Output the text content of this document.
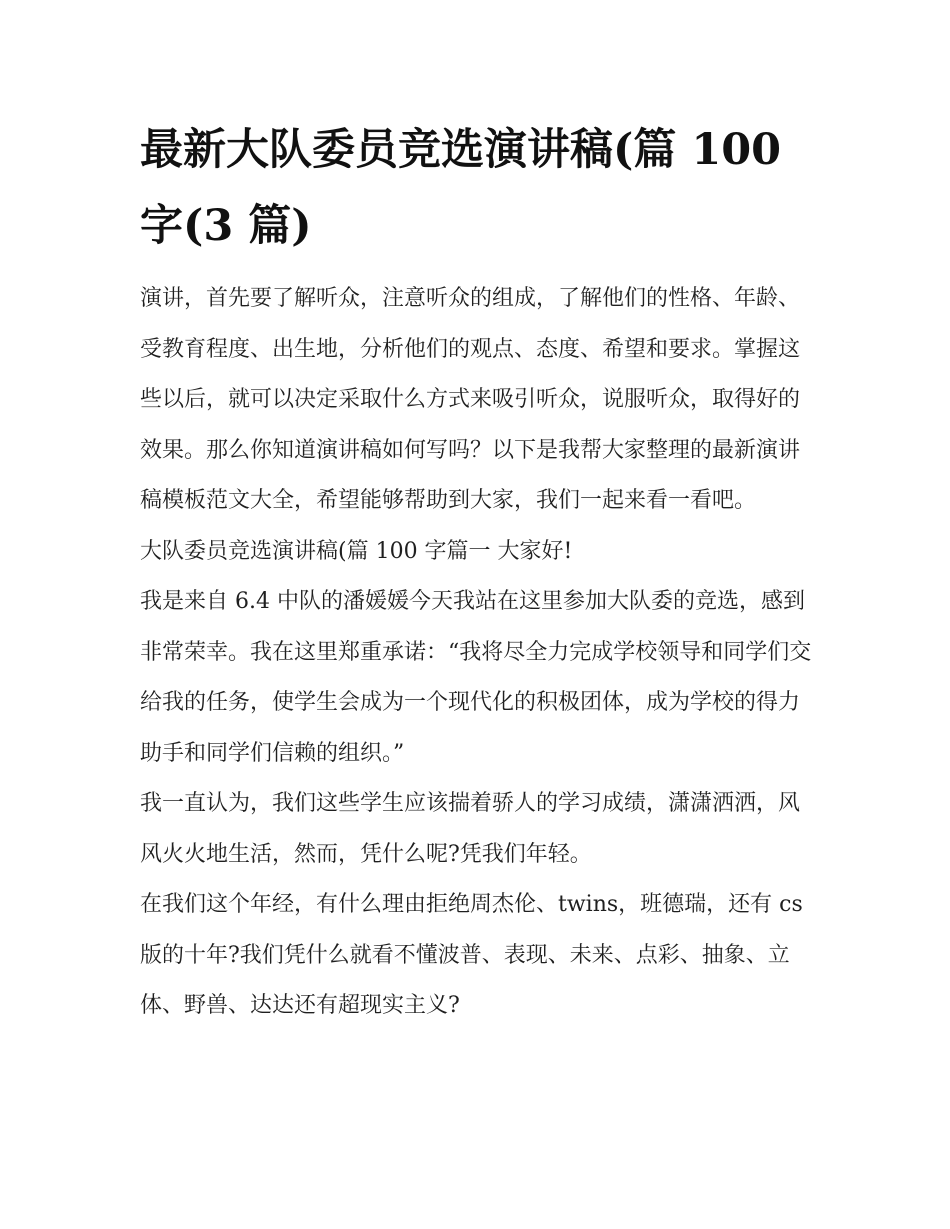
最新大队委员竞选演讲稿(篇 100 字(3 篇)

演讲，首先要了解听众，注意听众的组成，了解他们的性格、年龄、受教育程度、出生地，分析他们的观点、态度、希望和要求。掌握这些以后，就可以决定采取什么方式来吸引听众，说服听众，取得好的效果。那么你知道演讲稿如何写吗？以下是我帮大家整理的最新演讲稿模板范文大全，希望能够帮助到大家，我们一起来看一看吧。

大队委员竞选演讲稿(篇 100 字篇一 大家好!

我是来自 6.4 中队的潘媛媛今天我站在这里参加大队委的竞选，感到非常荣幸。我在这里郑重承诺：“我将尽全力完成学校领导和同学们交给我的任务，使学生会成为一个现代化的积极团体，成为学校的得力助手和同学们信赖的组织。”

我一直认为，我们这些学生应该揣着骄人的学习成绩，潇潇洒洒，风风火火地生活，然而，凭什么呢?凭我们年轻。

在我们这个年经，有什么理由拒绝周杰伦、twins，班德瑞，还有 cs 版的十年?我们凭什么就看不懂波普、表现、未来、点彩、抽象、立体、野兽、达达还有超现实主义?
